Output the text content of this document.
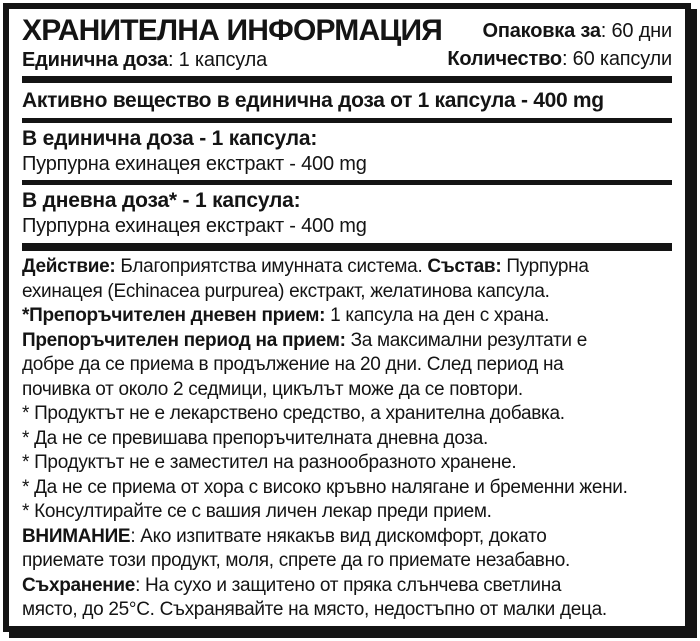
ХРАНИТЕЛНА ИНФОРМАЦИЯ
Единична доза: 1 капсула
Опаковка за: 60 дни
Количество: 60 капсули
Активно вещество в единична доза от 1 капсула - 400 mg
В единична доза - 1 капсула:
Пурпурна ехинацея екстракт - 400 mg
В дневна доза* - 1 капсула:
Пурпурна ехинацея екстракт - 400 mg
Действие: Благоприятства имунната система. Състав: Пурпурна
ехинацея (Echinacea purpurea) екстракт, желатинова капсула.
*Препоръчителен дневен прием: 1 капсула на ден с храна.
Препоръчителен период на прием: За максимални резултати е
добре да се приема в продължение на 20 дни. След период на
почивка от около 2 седмици, цикълът може да се повтори.
* Продуктът не е лекарствено средство, а хранителна добавка.
* Да не се превишава препоръчителната дневна доза.
* Продуктът не е заместител на разнообразното хранене.
* Да не се приема от хора с високо кръвно налягане и бременни жени.
* Консултирайте се с вашия личен лекар преди прием.
ВНИМАНИЕ: Ако изпитвате някакъв вид дискомфорт, докато
приемате този продукт, моля, спрете да го приемате незабавно.
Съхранение: На сухо и защитено от пряка слънчева светлина
място, до 25°C. Съхранявайте на място, недостъпно от малки деца.
